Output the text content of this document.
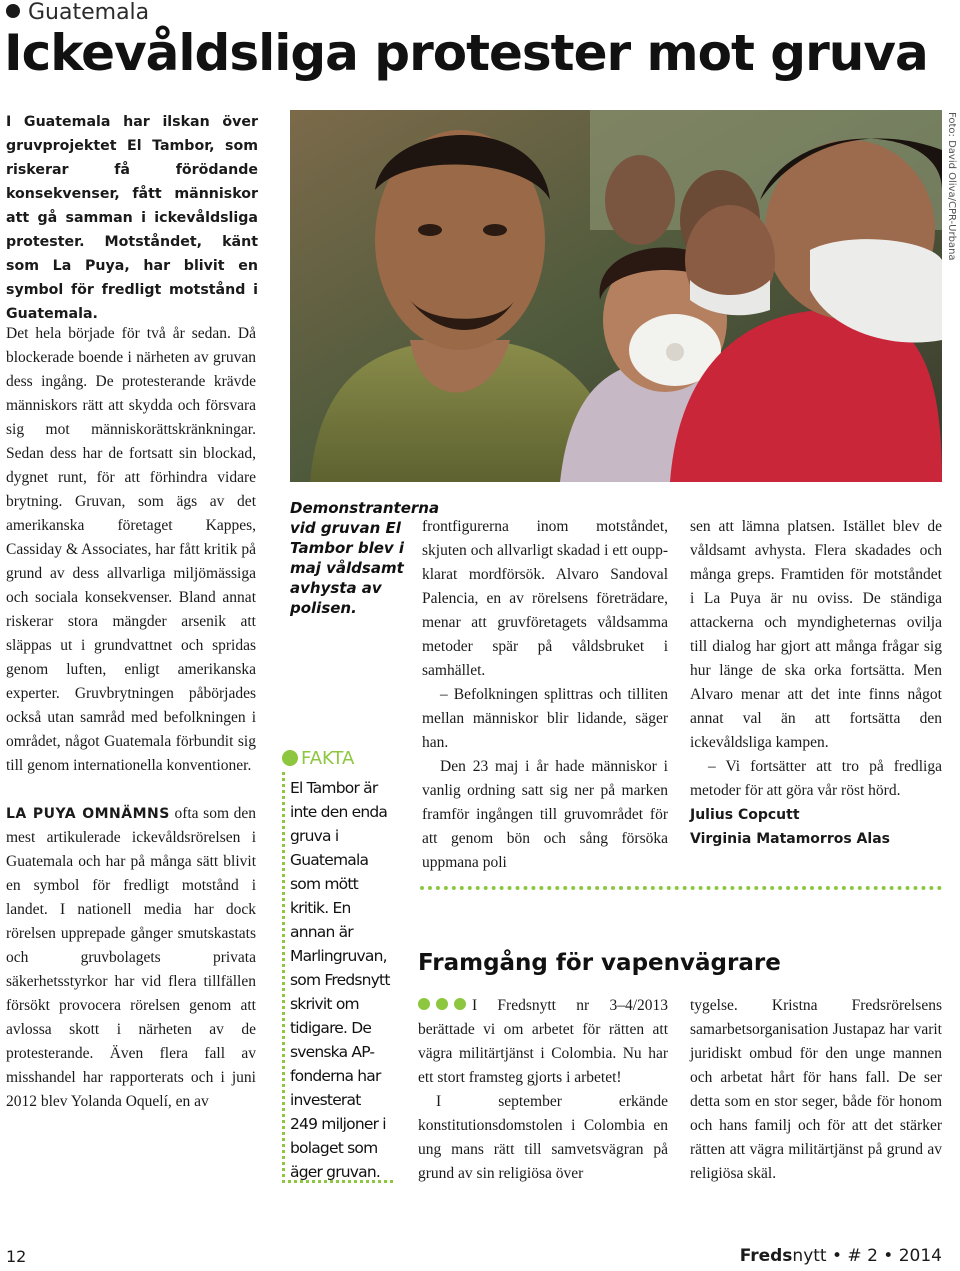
Guatemala
Ickevåldsliga protester mot gruva
I Guatemala har ilskan över gruvprojektet El Tambor, som riskerar få förödande konsekvenser, fått människor att gå samman i ickevåldsliga protester. Motståndet, känt som La Puya, har blivit en symbol för fredligt motstånd i Guatemala.
Foto: David Oliva/CPR-Urbana
Demonstranterna vid gruvan El Tambor blev i maj våldsamt avhysta av polisen.

Det hela började för två år sedan. Då blockerade boende i närheten av gruvan dess ingång. De protesterande krävde människors rätt att skydda och försvara sig mot människorättskränkningar. Sedan dess har de fortsatt sin blockad, dygnet runt, för att förhindra vidare brytning. Gruvan, som ägs av det amerikanska företaget Kappes, Cassiday & Associates, har fått kritik på grund av dess allvarliga miljömässiga och sociala konsekvenser. Bland annat riskerar stora mängder arsenik att släppas ut i grundvattnet och spridas genom luften, enligt amerikanska experter. Gruvbrytningen påbörjades också utan samråd med befolkningen i området, något Guatemala förbundit sig till genom internationella konventioner.

LA PUYA OMNÄMNS ofta som den mest artikulerade ickevåldsrörelsen i Guatemala och har på många sätt blivit en symbol för fredligt motstånd i landet. I nationell media har dock rörelsen upprepade gånger smutskastats och gruvbolagets privata säkerhetsstyrkor har vid flera tillfällen försökt provocera rörelsen genom att avlossa skott i närheten av de protesterande. Även flera fall av misshandel har rapporterats och i juni 2012 blev Yolanda Oquelí, en av

FAKTA
El Tambor är inte den enda gruva i Guatemala som mött kritik. En annan är Marlingruvan, som Fredsnytt skrivit om tidigare. De svenska AP-fonderna har investerat 249 miljoner i bolaget som äger gruvan.

frontfigurerna inom motståndet, skjuten och allvarligt skadad i ett ouppklarat mordförsök. Alvaro Sandoval Palencia, en av rörelsens företrädare, menar att gruvföretagets våldsamma metoder spär på våldsbruket i samhället.

– Befolkningen splittras och tilliten mellan människor blir lidande, säger han.

Den 23 maj i år hade människor i vanlig ordning satt sig ner på marken framför ingången till gruvområdet för att genom bön och sång försöka uppmana poli

sen att lämna platsen. Istället blev de våldsamt avhysta. Flera skadades och många greps. Framtiden för motståndet i La Puya är nu oviss. De ständiga attackerna och myndigheternas ovilja till dialog har gjort att många frågar sig hur länge de ska orka fortsätta. Men Alvaro menar att det inte finns något annat val än att fortsätta den ickevåldsliga kampen.

– Vi fortsätter att tro på fredliga metoder för att göra vår röst hörd.

Julius Copcutt
Virginia Matamorros Alas
Framgång för vapenvägrare

I Fredsnytt nr 3–4/2013 berättade vi om arbetet för rätten att vägra militärtjänst i Colombia. Nu har ett stort framsteg gjorts i arbetet!

I september erkände konstitutionsdomstolen i Colombia en ung mans rätt till samvetsvägran på grund av sin religiösa över

tygelse. Kristna Fredsrörelsens samarbetsorganisation Justapaz har varit juridiskt ombud för den unge mannen och arbetat hårt för hans fall. De ser detta som en stor seger, både för honom och hans familj och för att det stärker rätten att vägra militärtjänst på grund av religiösa skäl.

12	Fredsnytt • # 2 • 2014
